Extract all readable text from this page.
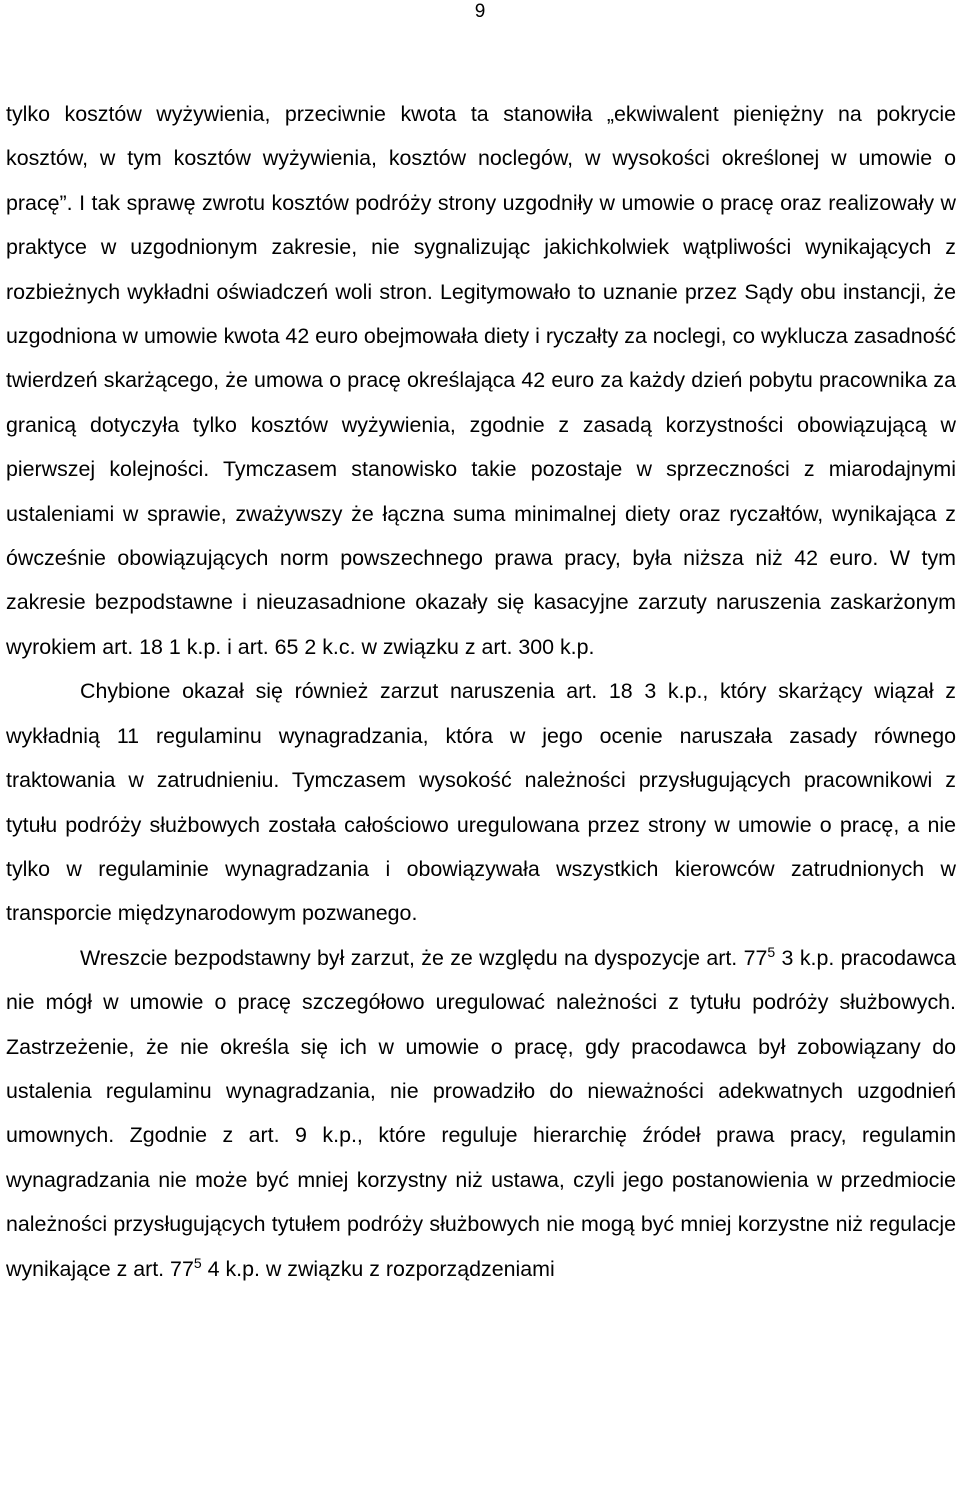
9

tylko kosztów wyżywienia, przeciwnie kwota ta stanowiła „ekwiwalent pieniężny na pokrycie kosztów, w tym kosztów wyżywienia, kosztów noclegów, w wysokości określonej w umowie o pracę”. I tak sprawę zwrotu kosztów podróży strony uzgodniły w umowie o pracę oraz realizowały w praktyce w uzgodnionym zakresie, nie sygnalizując jakichkolwiek wątpliwości wynikających z rozbieżnych wykładni oświadczeń woli stron. Legitymowało to uznanie przez Sądy obu instancji, że uzgodniona w umowie kwota 42 euro obejmowała diety i ryczałty za noclegi, co wyklucza zasadność twierdzeń skarżącego, że umowa o pracę określająca 42 euro za każdy dzień pobytu pracownika za granicą dotyczyła tylko kosztów wyżywienia, zgodnie z zasadą korzystności obowiązującą w pierwszej kolejności. Tymczasem stanowisko takie pozostaje w sprzeczności z miarodajnymi ustaleniami w sprawie, zważywszy że łączna suma minimalnej diety oraz ryczałtów, wynikająca z ówcześnie obowiązujących norm powszechnego prawa pracy, była niższa niż 42 euro. W tym zakresie bezpodstawne i nieuzasadnione okazały się kasacyjne zarzuty naruszenia zaskarżonym wyrokiem art. 18 1 k.p. i art. 65 2 k.c. w związku z art. 300 k.p.

Chybione okazał się również zarzut naruszenia art. 18 3 k.p., który skarżący wiązał z wykładnią 11 regulaminu wynagradzania, która w jego ocenie naruszała zasady równego traktowania w zatrudnieniu. Tymczasem wysokość należności przysługujących pracownikowi z tytułu podróży służbowych została całościowo uregulowana przez strony w umowie o pracę, a nie tylko w regulaminie wynagradzania i obowiązywała wszystkich kierowców zatrudnionych w transporcie międzynarodowym pozwanego.

Wreszcie bezpodstawny był zarzut, że ze względu na dyspozycje art. $77^5$ 3 k.p. pracodawca nie mógł w umowie o pracę szczegółowo uregulować należności z tytułu podróży służbowych. Zastrzeżenie, że nie określa się ich w umowie o pracę, gdy pracodawca był zobowiązany do ustalenia regulaminu wynagradzania, nie prowadziło do nieważności adekwatnych uzgodnień umownych. Zgodnie z art. 9 k.p., które reguluje hierarchię źródeł prawa pracy, regulamin wynagradzania nie może być mniej korzystny niż ustawa, czyli jego postanowienia w przedmiocie należności przysługujących tytułem podróży służbowych nie mogą być mniej korzystne niż regulacje wynikające z art. $77^5$ 4 k.p. w związku z rozporządzeniami
